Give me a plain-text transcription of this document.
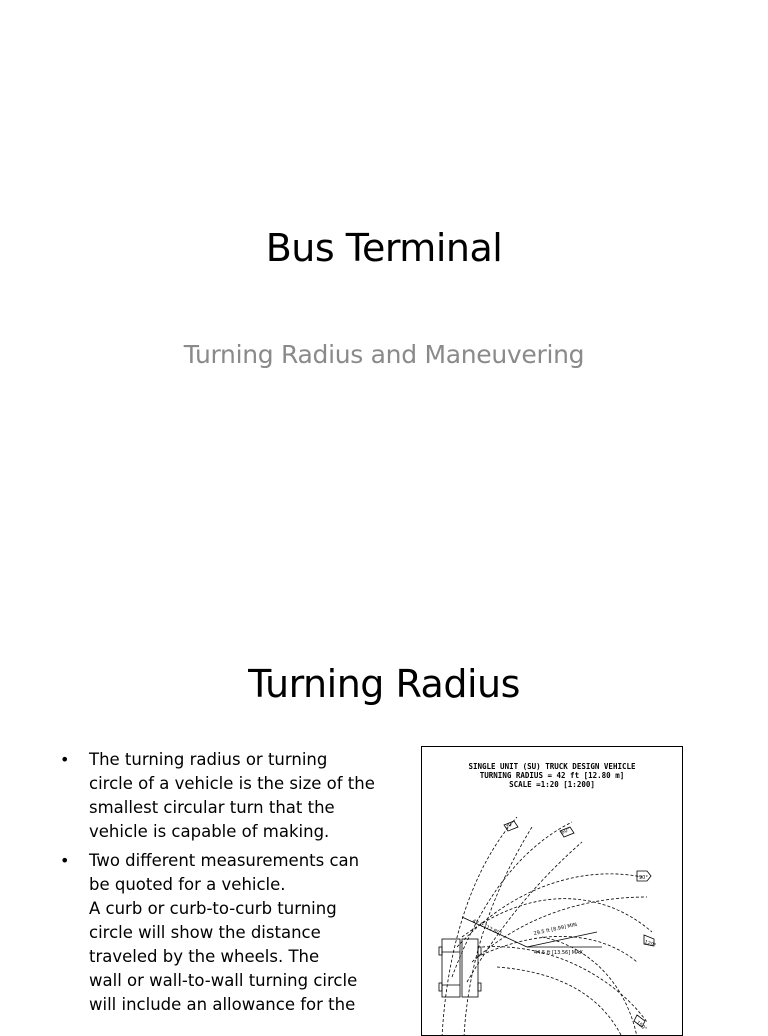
Bus Terminal
Turning Radius and Maneuvering
Turning Radius
• The turning radius or turning
circle of a vehicle is the size of the
smallest circular turn that the
vehicle is capable of making.
• Two different measurements can
be quoted for a vehicle.
A curb or curb-to-curb turning
circle will show the distance
traveled by the wheels. The
wall or wall-to-wall turning circle
will include an allowance for the
SINGLE UNIT (SU) TRUCK DESIGN VEHICLE
TURNING RADIUS = 42 ft [12.80 m]
SCALE =1:20 [1:200]
30°
60°
90°
120°
150°
42 ft [12.80]	29.5 ft [8.99] MIN
44.5 ft [13.56] MAX
